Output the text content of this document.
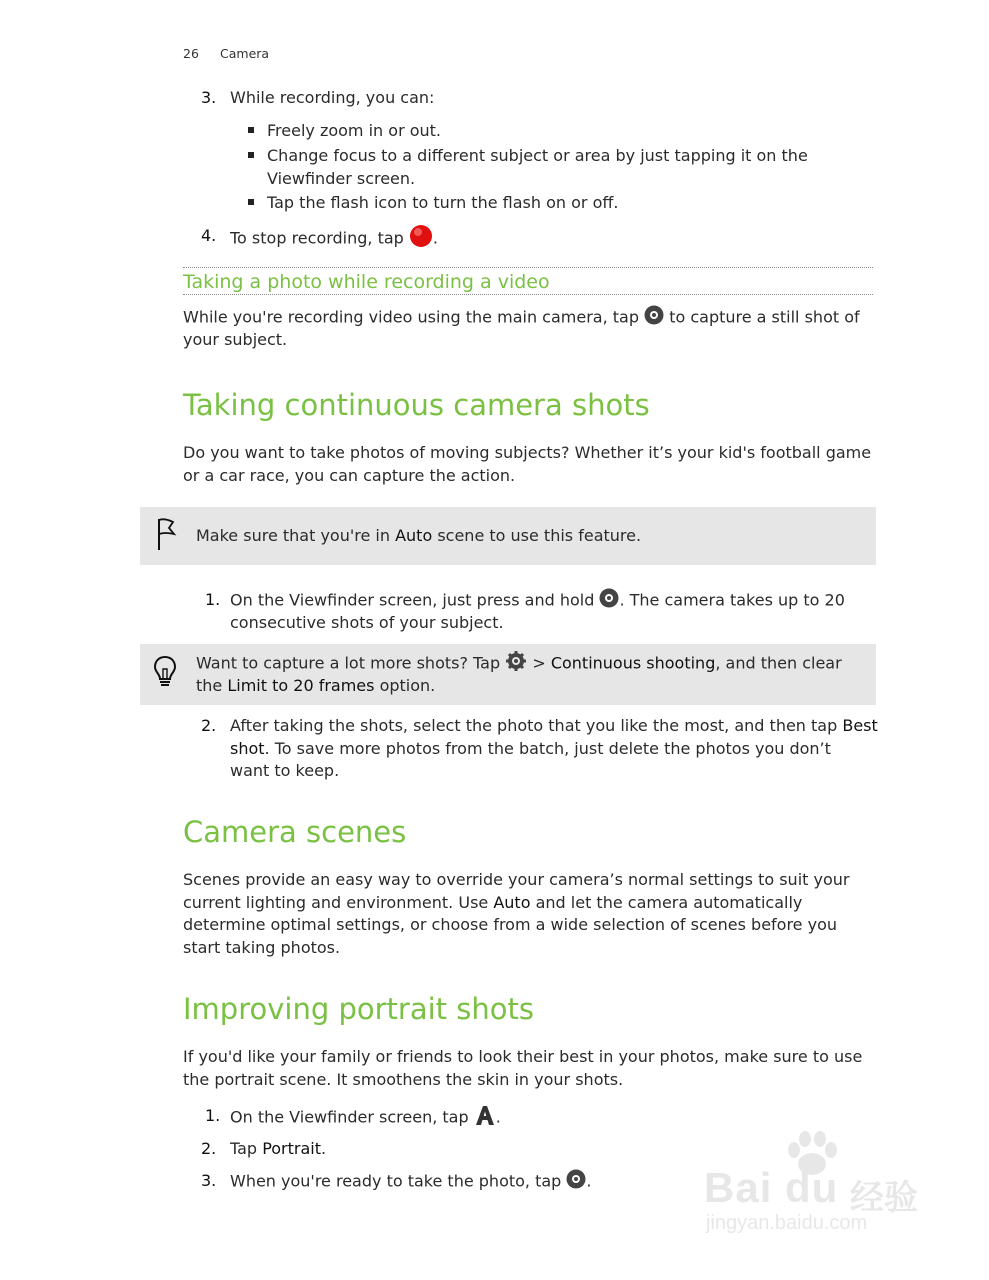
26 Camera
3. While recording, you can:
Freely zoom in or out.
Change focus to a different subject or area by just tapping it on the
Viewfinder screen.
Tap the flash icon to turn the flash on or off.
4. To stop recording, tap .
Taking a photo while recording a video
While you're recording video using the main camera, tap to capture a still shot of
your subject.
Taking continuous camera shots
Do you want to take photos of moving subjects? Whether it’s your kid's football game
or a car race, you can capture the action.
Make sure that you're in Auto scene to use this feature.
1. On the Viewfinder screen, just press and hold . The camera takes up to 20
consecutive shots of your subject.
Want to capture a lot more shots? Tap > Continuous shooting, and then clear
the Limit to 20 frames option.
2. After taking the shots, select the photo that you like the most, and then tap Best
shot. To save more photos from the batch, just delete the photos you don’t
want to keep.
Camera scenes
Scenes provide an easy way to override your camera’s normal settings to suit your
current lighting and environment. Use Auto and let the camera automatically
determine optimal settings, or choose from a wide selection of scenes before you
start taking photos.
Improving portrait shots
If you'd like your family or friends to look their best in your photos, make sure to use
the portrait scene. It smoothens the skin in your shots.
1. On the Viewfinder screen, tap .
2. Tap Portrait.
3. When you're ready to take the photo, tap .	Bai du 经验
jingyan.baidu.com
